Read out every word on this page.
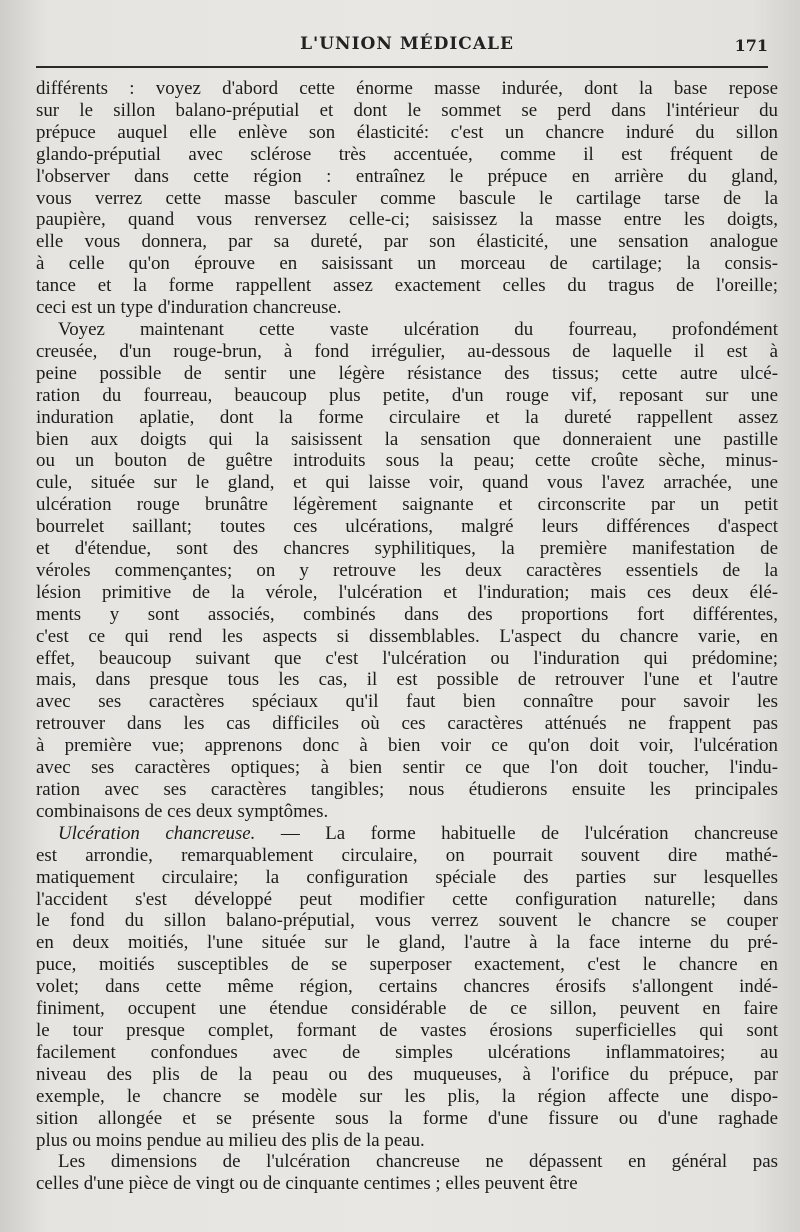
L'UNION MÉDICALE	171
différents : voyez d'abord cette énorme masse indurée, dont la base repose
sur le sillon balano-préputial et dont le sommet se perd dans l'intérieur du
prépuce auquel elle enlève son élasticité: c'est un chancre induré du sillon
glando-préputial avec sclérose très accentuée, comme il est fréquent de
l'observer dans cette région : entraînez le prépuce en arrière du gland,
vous verrez cette masse basculer comme bascule le cartilage tarse de la
paupière, quand vous renversez celle-ci; saisissez la masse entre les doigts,
elle vous donnera, par sa dureté, par son élasticité, une sensation analogue
à celle qu'on éprouve en saisissant un morceau de cartilage; la consis-
tance et la forme rappellent assez exactement celles du tragus de l'oreille;
ceci est un type d'induration chancreuse.
Voyez maintenant cette vaste ulcération du fourreau, profondément
creusée, d'un rouge-brun, à fond irrégulier, au-dessous de laquelle il est à
peine possible de sentir une légère résistance des tissus; cette autre ulcé-
ration du fourreau, beaucoup plus petite, d'un rouge vif, reposant sur une
induration aplatie, dont la forme circulaire et la dureté rappellent assez
bien aux doigts qui la saisissent la sensation que donneraient une pastille
ou un bouton de guêtre introduits sous la peau; cette croûte sèche, minus-
cule, située sur le gland, et qui laisse voir, quand vous l'avez arrachée, une
ulcération rouge brunâtre légèrement saignante et circonscrite par un petit
bourrelet saillant; toutes ces ulcérations, malgré leurs différences d'aspect
et d'étendue, sont des chancres syphilitiques, la première manifestation de
véroles commençantes; on y retrouve les deux caractères essentiels de la
lésion primitive de la vérole, l'ulcération et l'induration; mais ces deux élé-
ments y sont associés, combinés dans des proportions fort différentes,
c'est ce qui rend les aspects si dissemblables. L'aspect du chancre varie, en
effet, beaucoup suivant que c'est l'ulcération ou l'induration qui prédomine;
mais, dans presque tous les cas, il est possible de retrouver l'une et l'autre
avec ses caractères spéciaux qu'il faut bien connaître pour savoir les
retrouver dans les cas difficiles où ces caractères atténués ne frappent pas
à première vue; apprenons donc à bien voir ce qu'on doit voir, l'ulcération
avec ses caractères optiques; à bien sentir ce que l'on doit toucher, l'indu-
ration avec ses caractères tangibles; nous étudierons ensuite les principales
combinaisons de ces deux symptômes.
Ulcération chancreuse. — La forme habituelle de l'ulcération chancreuse
est arrondie, remarquablement circulaire, on pourrait souvent dire mathé-
matiquement circulaire; la configuration spéciale des parties sur lesquelles
l'accident s'est développé peut modifier cette configuration naturelle; dans
le fond du sillon balano-préputial, vous verrez souvent le chancre se couper
en deux moitiés, l'une située sur le gland, l'autre à la face interne du pré-
puce, moitiés susceptibles de se superposer exactement, c'est le chancre en
volet; dans cette même région, certains chancres érosifs s'allongent indé-
finiment, occupent une étendue considérable de ce sillon, peuvent en faire
le tour presque complet, formant de vastes érosions superficielles qui sont
facilement confondues avec de simples ulcérations inflammatoires; au
niveau des plis de la peau ou des muqueuses, à l'orifice du prépuce, par
exemple, le chancre se modèle sur les plis, la région affecte une dispo-
sition allongée et se présente sous la forme d'une fissure ou d'une raghade
plus ou moins pendue au milieu des plis de la peau.
Les dimensions de l'ulcération chancreuse ne dépassent en général pas
celles d'une pièce de vingt ou de cinquante centimes ; elles peuvent être
